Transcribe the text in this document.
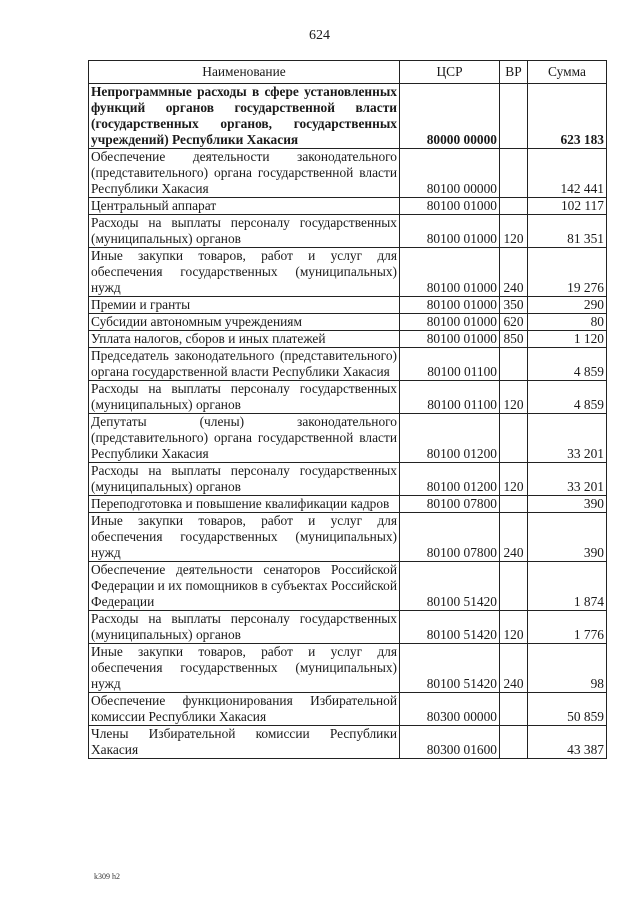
624
Наименование	ЦСР	ВР	Сумма
Непрограммные расходы в сфере установленных функций органов государственной власти (государственных органов, государственных учреждений) Республики Хакасия	80000 00000		623 183
Обеспечение деятельности законодательного (представительного) органа государственной власти Республики Хакасия	80100 00000		142 441
Центральный аппарат	80100 01000		102 117
Расходы на выплаты персоналу государственных (муниципальных) органов	80100 01000	120	81 351
Иные закупки товаров, работ и услуг для обеспечения государственных (муниципальных) нужд	80100 01000	240	19 276
Премии и гранты	80100 01000	350	290
Субсидии автономным учреждениям	80100 01000	620	80
Уплата налогов, сборов и иных платежей	80100 01000	850	1 120
Председатель законодательного (представительного) органа государственной власти Республики Хакасия	80100 01100		4 859
Расходы на выплаты персоналу государственных (муниципальных) органов	80100 01100	120	4 859
Депутаты (члены) законодательного (представительного) органа государственной власти Республики Хакасия	80100 01200		33 201
Расходы на выплаты персоналу государственных (муниципальных) органов	80100 01200	120	33 201
Переподготовка и повышение квалификации кадров	80100 07800		390
Иные закупки товаров, работ и услуг для обеспечения государственных (муниципальных) нужд	80100 07800	240	390
Обеспечение деятельности сенаторов Российской Федерации и их помощников в субъектах Российской Федерации	80100 51420		1 874
Расходы на выплаты персоналу государственных (муниципальных) органов	80100 51420	120	1 776
Иные закупки товаров, работ и услуг для обеспечения государственных (муниципальных) нужд	80100 51420	240	98
Обеспечение функционирования Избирательной комиссии Республики Хакасия	80300 00000		50 859
Члены Избирательной комиссии Республики Хакасия	80300 01600		43 387
k309 h2
